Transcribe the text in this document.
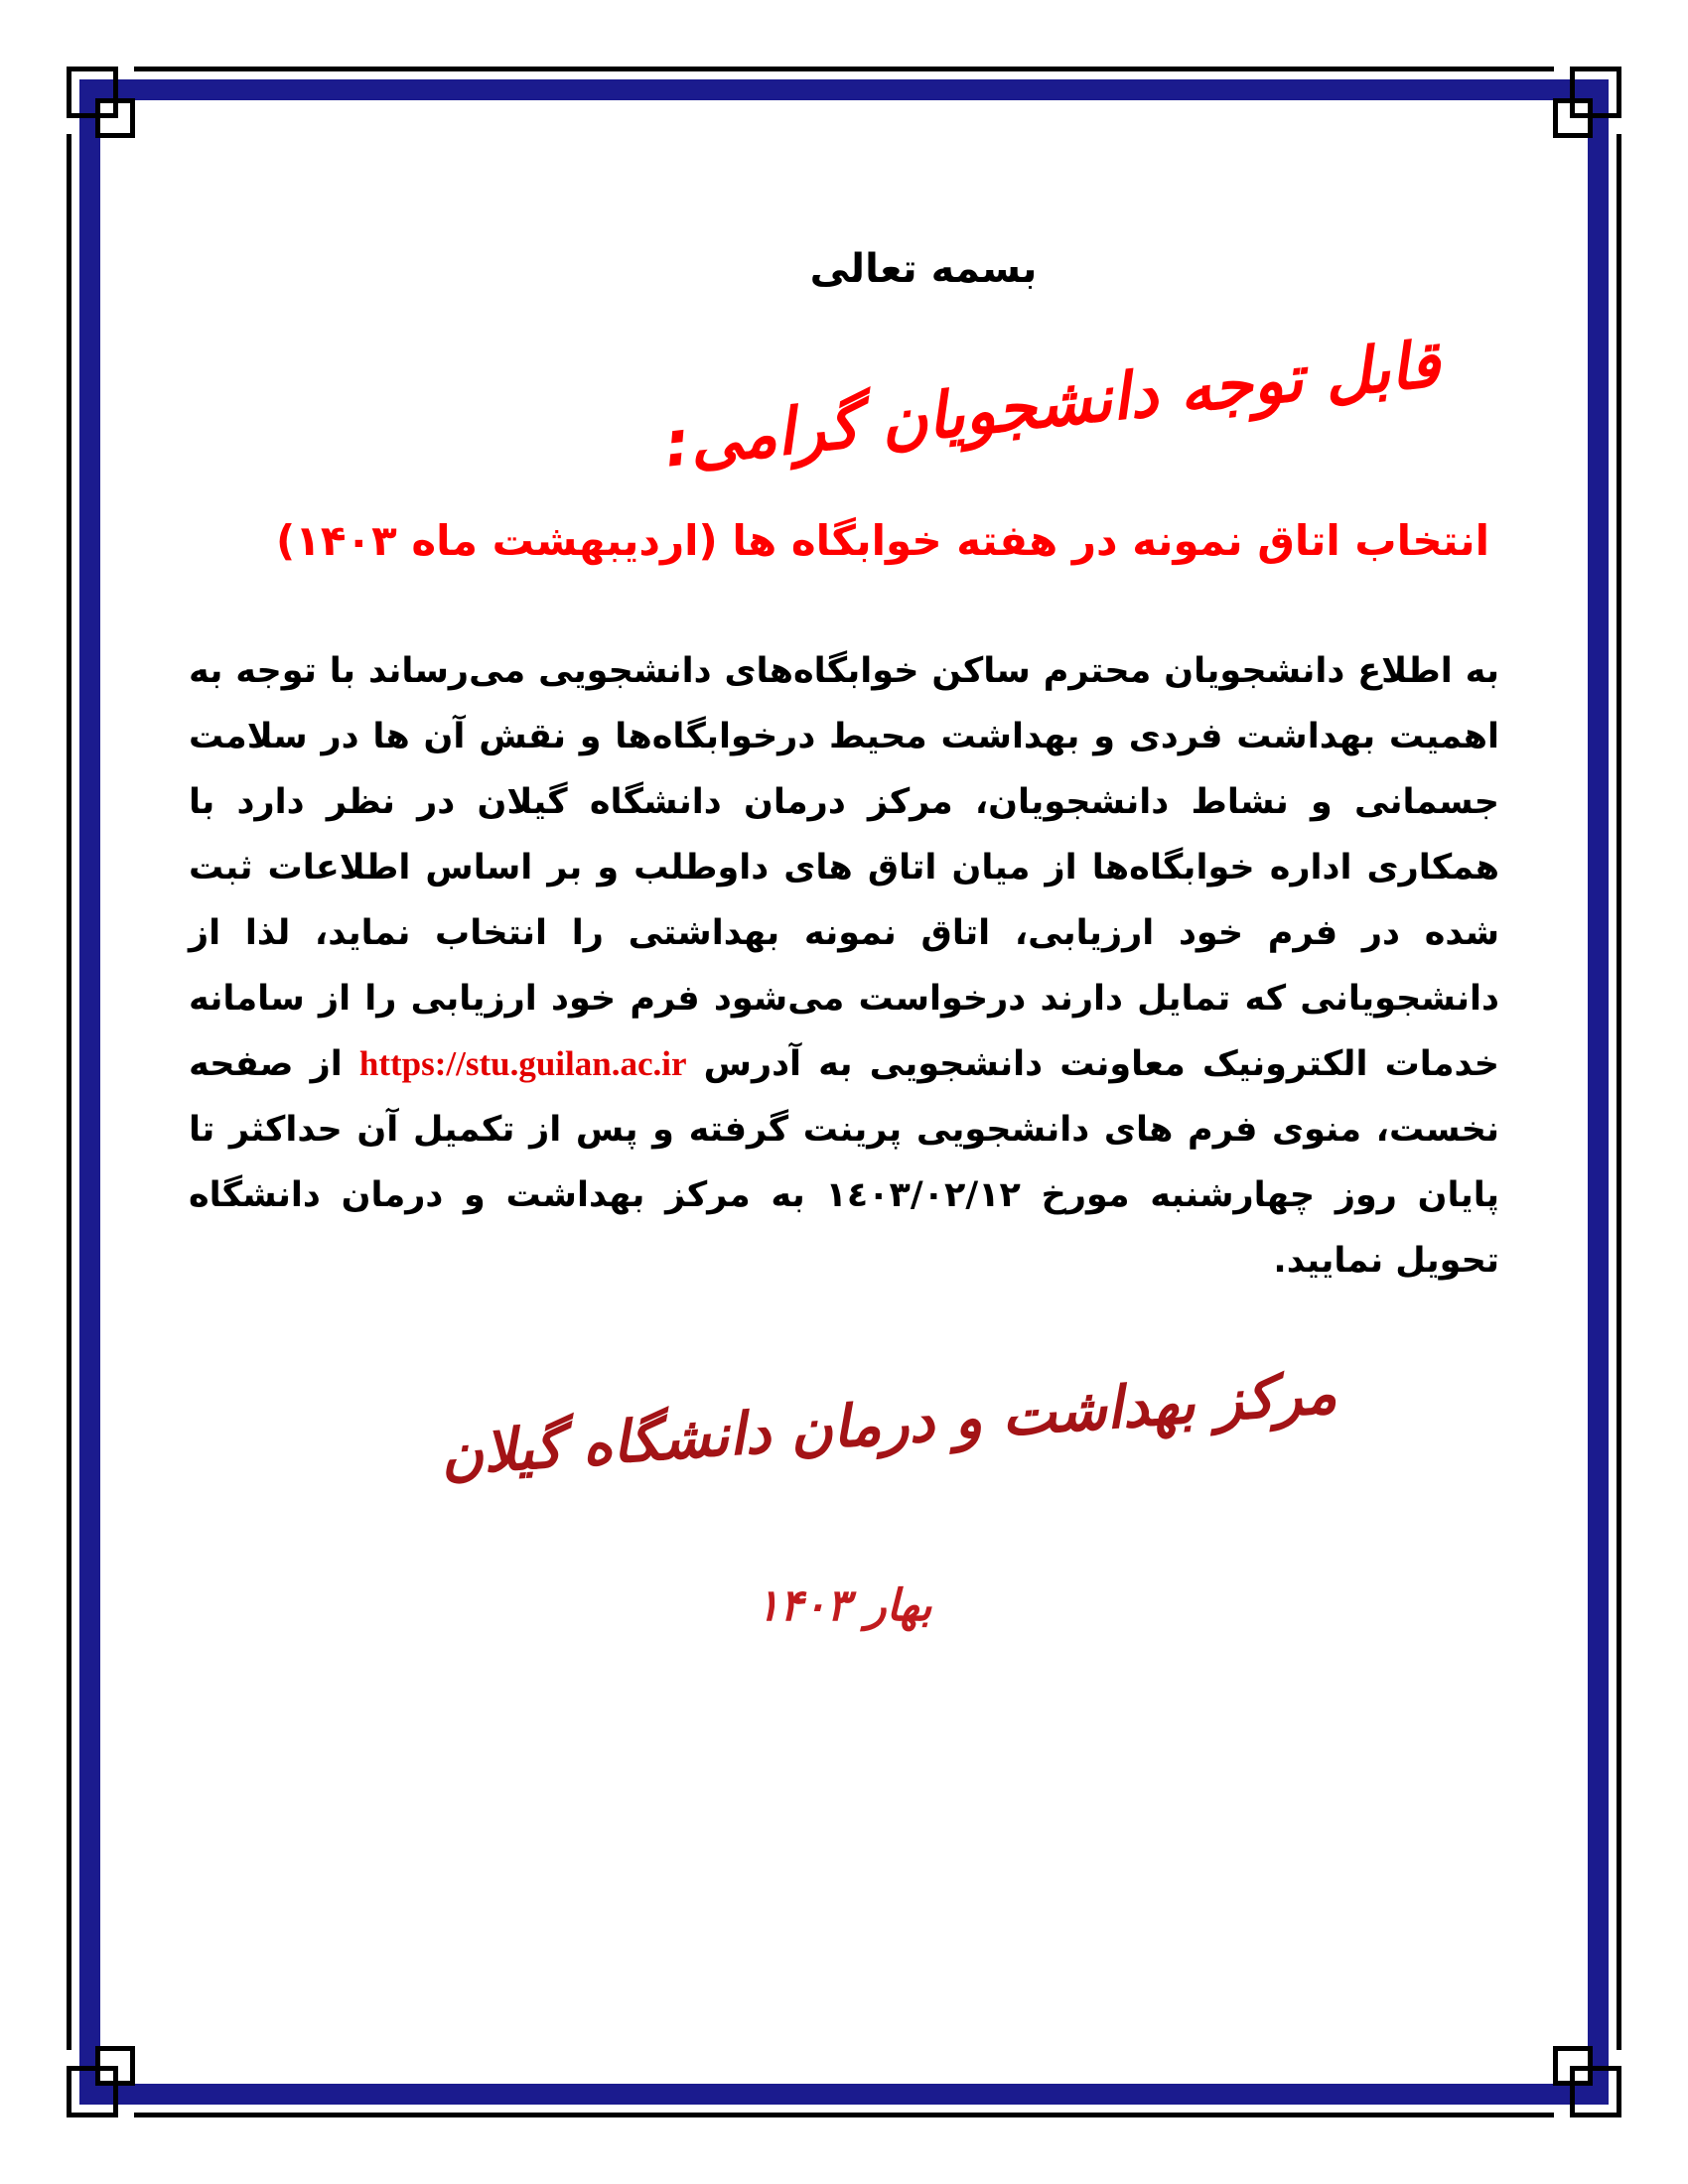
بسمه تعالی
قابل توجه دانشجویان گرامی:
انتخاب اتاق نمونه در هفته خوابگاه ها (اردیبهشت ماه ۱۴۰۳)

به اطلاع دانشجویان محترم ساکن خوابگاه‌های دانشجویی می‌رساند با توجه به اهمیت بهداشت فردی و بهداشت محیط درخوابگاه‌ها و نقش آن ها در سلامت جسمانی و نشاط دانشجویان، مرکز درمان دانشگاه گیلان در نظر دارد با همکاری اداره خوابگاه‌ها از میان اتاق های داوطلب و بر اساس اطلاعات ثبت شده در فرم خود ارزیابی، اتاق نمونه بهداشتی را انتخاب نماید، لذا از دانشجویانی که تمایل دارند درخواست می‌شود فرم خود ارزیابی را از سامانه خدمات الکترونیک معاونت دانشجویی به آدرس https://stu.guilan.ac.ir از صفحه نخست، منوی فرم های دانشجویی پرینت گرفته و پس از تکمیل آن حداکثر تا پایان روز چهارشنبه مورخ ۱٤۰۳/۰۲/۱۲ به مرکز بهداشت و درمان دانشگاه تحویل نمایید.

مرکز بهداشت و درمان دانشگاه گیلان
بهار ۱۴۰۳
